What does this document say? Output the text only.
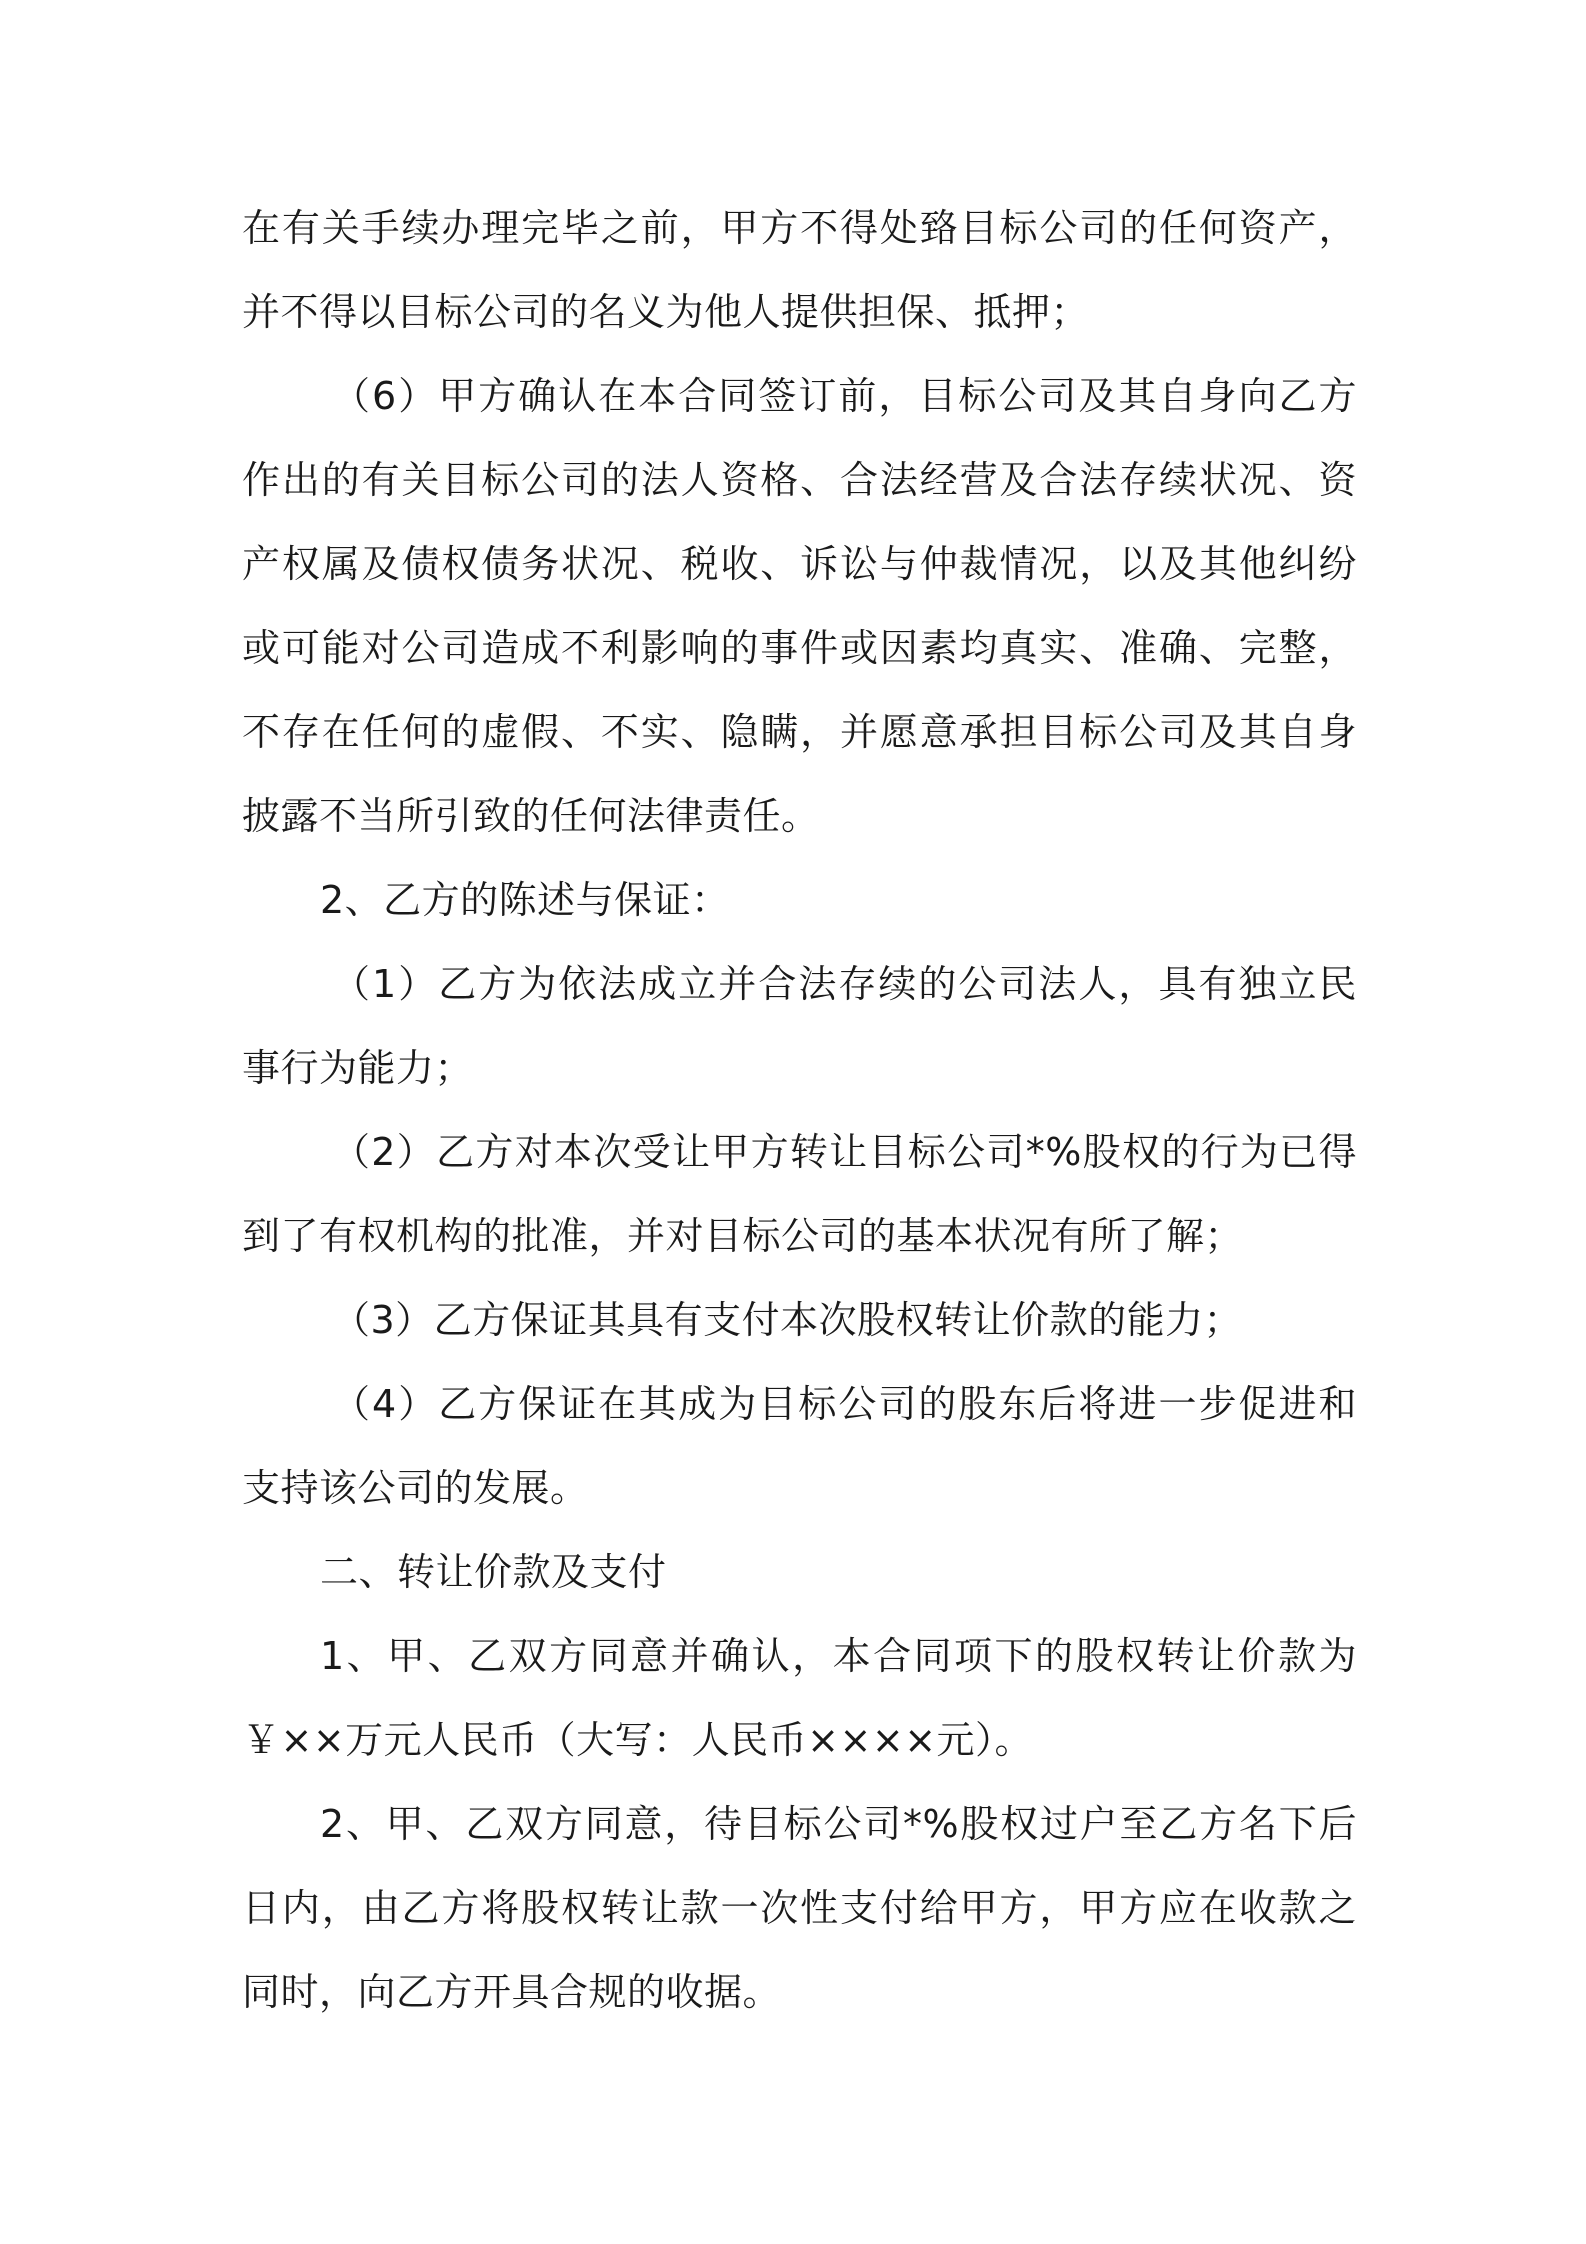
在有关手续办理完毕之前，甲方不得处臵目标公司的任何资产，
并不得以目标公司的名义为他人提供担保、抵押；
（6）甲方确认在本合同签订前，目标公司及其自身向乙方
作出的有关目标公司的法人资格、合法经营及合法存续状况、资
产权属及债权债务状况、税收、诉讼与仲裁情况，以及其他纠纷
或可能对公司造成不利影响的事件或因素均真实、准确、完整，
不存在任何的虚假、不实、隐瞒，并愿意承担目标公司及其自身
披露不当所引致的任何法律责任。
2、乙方的陈述与保证：
（1）乙方为依法成立并合法存续的公司法人，具有独立民
事行为能力；
（2）乙方对本次受让甲方转让目标公司*%股权的行为已得
到了有权机构的批准，并对目标公司的基本状况有所了解；
（3）乙方保证其具有支付本次股权转让价款的能力；
（4）乙方保证在其成为目标公司的股东后将进一步促进和
支持该公司的发展。
二、转让价款及支付
1、甲、乙双方同意并确认，本合同项下的股权转让价款为
￥××万元人民币（大写：人民币××××元）。
2、甲、乙双方同意，待目标公司*%股权过户至乙方名下后
日内，由乙方将股权转让款一次性支付给甲方，甲方应在收款之
同时，向乙方开具合规的收据。
